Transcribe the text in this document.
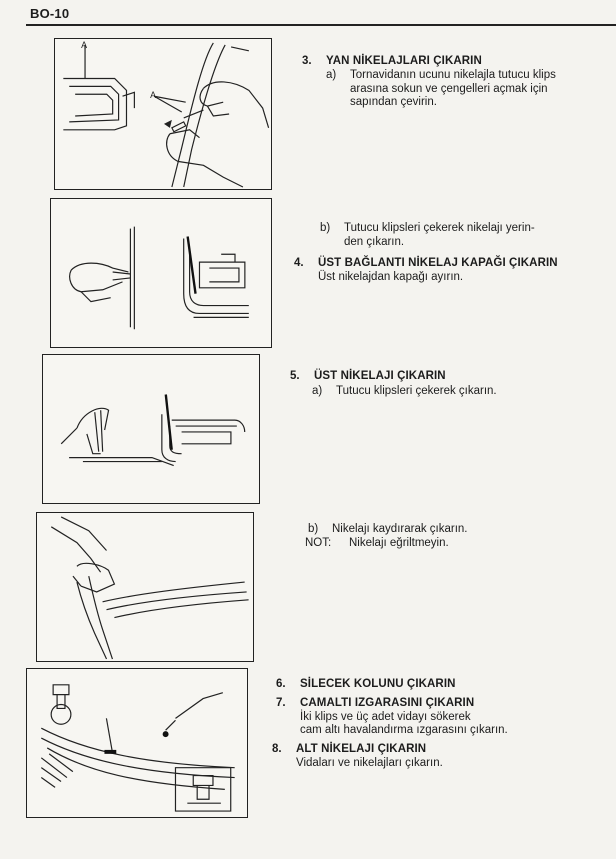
BO-10
A
A
3. YAN NİKELAJLARI ÇIKARIN
a) Tornavidanın ucunu nikelajla tutucu klips
arasına sokun ve çengelleri açmak için
sapından çevirin.
b) Tutucu klipsleri çekerek nikelajı yerin-
den çıkarın.
4. ÜST BAĞLANTI NİKELAJ KAPAĞI ÇIKARIN
Üst nikelajdan kapağı ayırın.
5. ÜST NİKELAJI ÇIKARIN
a) Tutucu klipsleri çekerek çıkarın.
b) Nikelajı kaydırarak çıkarın.
NOT: Nikelajı eğriltmeyin.
6. SİLECEK KOLUNU ÇIKARIN
7. CAMALTI IZGARASINI ÇIKARIN
İki klips ve üç adet vidayı sökerek
cam altı havalandırma ızgarasını çıkarın.
8. ALT NİKELAJI ÇIKARIN
Vidaları ve nikelajları çıkarın.
